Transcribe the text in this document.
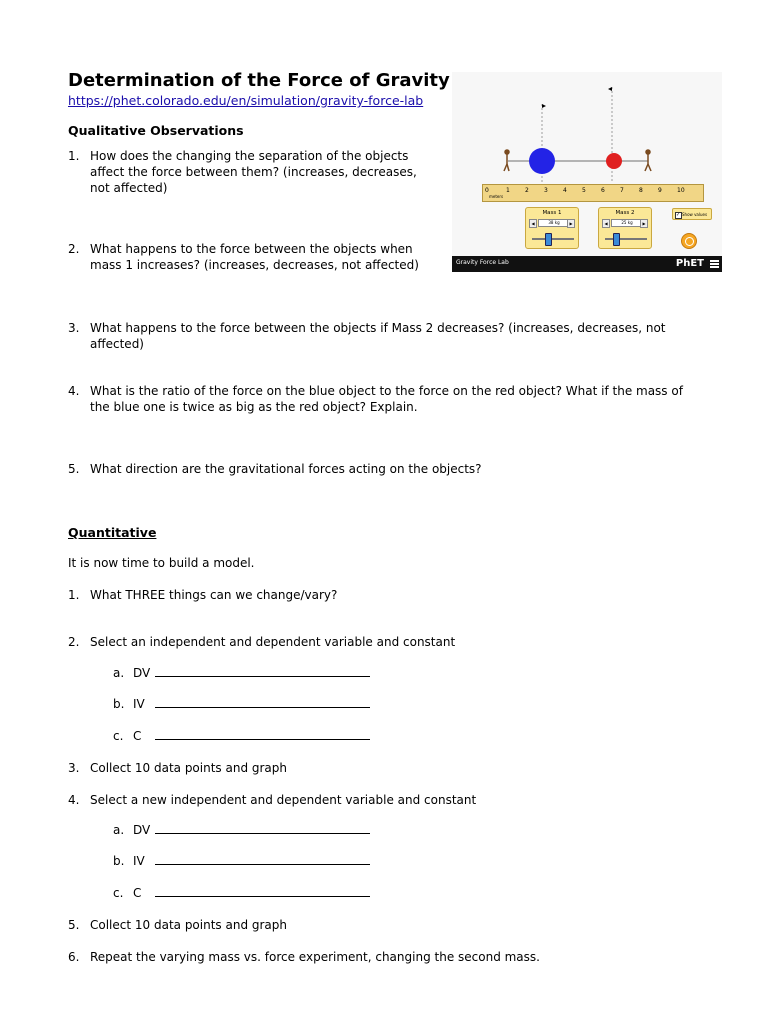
Determination of the Force of Gravity
https://phet.colorado.edu/en/simulation/gravity-force-lab
Qualitative Observations
1. How does the changing the separation of the objects
affect the force between them? (increases, decreases,
not affected)
2. What happens to the force between the objects when
mass 1 increases? (increases, decreases, not affected)
3. What happens to the force between the objects if Mass 2 decreases? (increases, decreases, not
affected)
4. What is the ratio of the force on the blue object to the force on the red object? What if the mass of
the blue one is twice as big as the red object? Explain.
5. What direction are the gravitational forces acting on the objects?
Quantitative
It is now time to build a model.
1. What THREE things can we change/vary?
2. Select an independent and dependent variable and constant
a. DV
b. IV
c. C
3. Collect 10 data points and graph
4. Select a new independent and dependent variable and constant
a. DV
b. IV
c. C
5. Collect 10 data points and graph
6. Repeat the varying mass vs. force experiment, changing the second mass.
0	1	2	3	4	5	6	7	8	9	10
meters
Mass 1
◀	38 kg	▶
Mass 2
◀	25 kg	▶
✓ Show values
Gravity Force Lab	PhET
